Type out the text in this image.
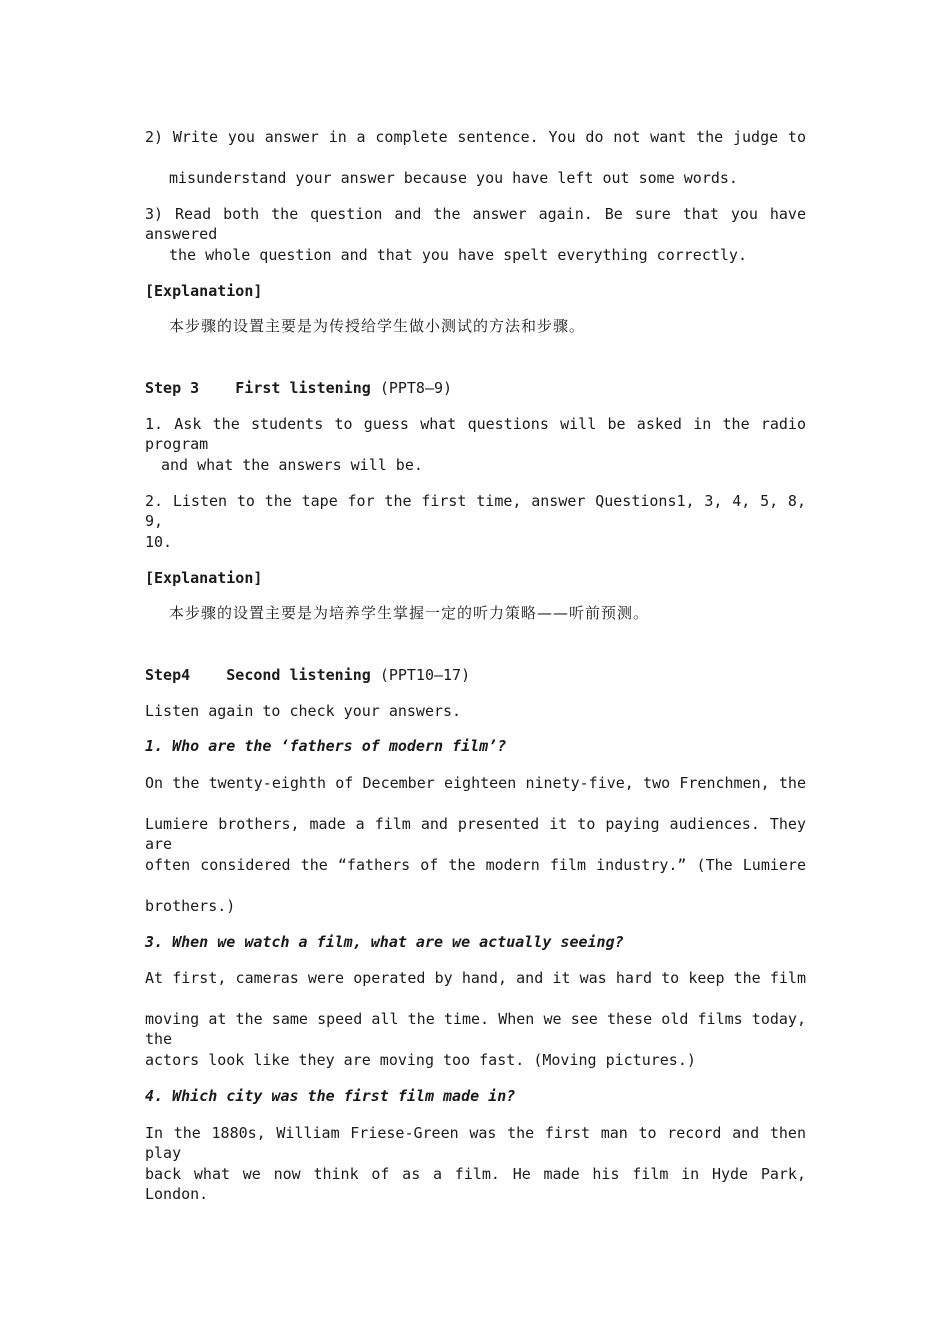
2) Write you answer in a complete sentence. You do not want the judge to
misunderstand your answer because you have left out some words.
3) Read both the question and the answer again. Be sure that you have answered
the whole question and that you have spelt everything correctly.
[Explanation]
本步骤的设置主要是为传授给学生做小测试的方法和步骤。
Step 3    First listening (PPT8—9)
1. Ask the students to guess what questions will be asked in the radio program
and what the answers will be.
2. Listen to the tape for the first time, answer Questions1, 3, 4, 5, 8, 9,
10.
[Explanation]
本步骤的设置主要是为培养学生掌握一定的听力策略——听前预测。
Step4    Second listening (PPT10—17)
Listen again to check your answers.
1. Who are the ‘fathers of modern film’?
On the twenty-eighth of December eighteen ninety-five, two Frenchmen, the
Lumiere brothers, made a film and presented it to paying audiences. They are
often considered the “fathers of the modern film industry.” (The Lumiere
brothers.)
3. When we watch a film, what are we actually seeing?
At first, cameras were operated by hand, and it was hard to keep the film
moving at the same speed all the time. When we see these old films today, the
actors look like they are moving too fast. (Moving pictures.)
4. Which city was the first film made in?
In the 1880s, William Friese-Green was the first man to record and then play
back what we now think of as a film. He made his film in Hyde Park, London.
